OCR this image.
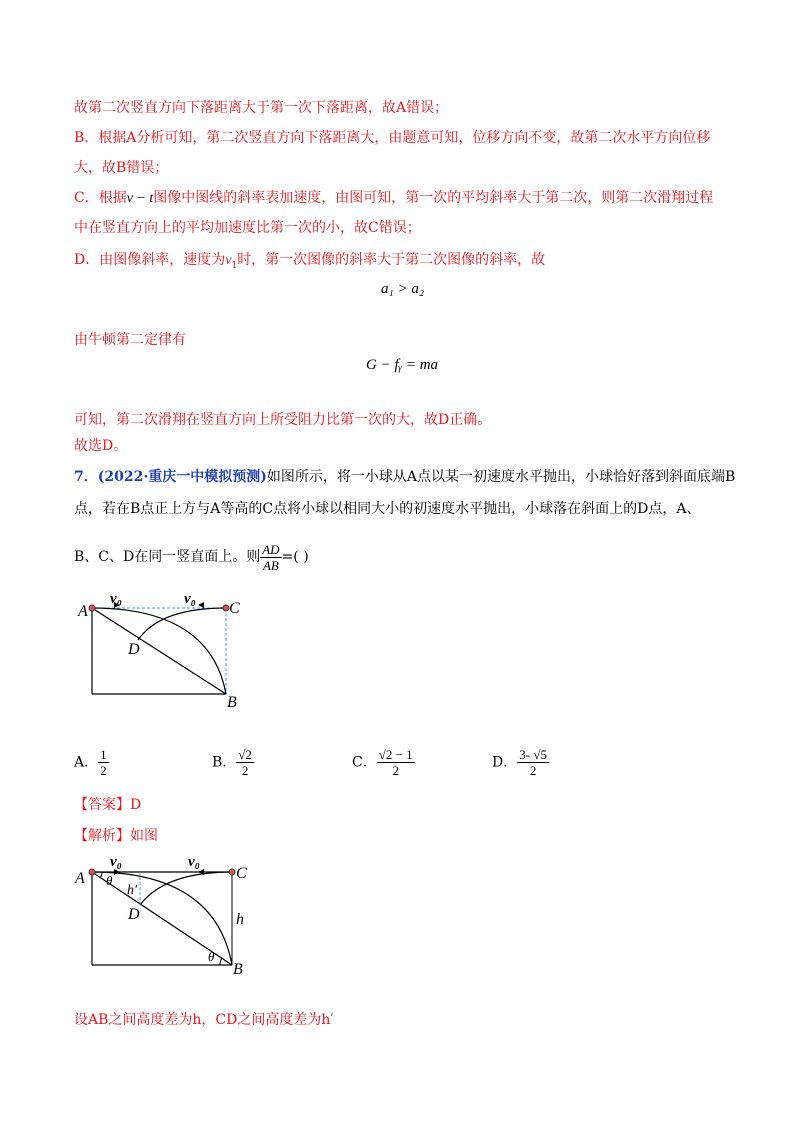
故第二次竖直方向下落距离大于第一次下落距离，故A错误；
B．根据A分析可知，第二次竖直方向下落距离大，由题意可知，位移方向不变，故第二次水平方向位移
大，故B错误；
C．根据v − t图像中图线的斜率表加速度，由图可知，第一次的平均斜率大于第二次，则第二次滑翔过程
中在竖直方向上的平均加速度比第一次的小，故C错误；
D．由图像斜率，速度为$v_1$时，第一次图像的斜率大于第二次图像的斜率，故
a₁ > a₂
由牛顿第二定律有
G − fᵧ = ma
可知，第二次滑翔在竖直方向上所受阻力比第一次的大，故D正确。
故选D。
7．(2022·重庆一中模拟预测)如图所示，将一小球从A点以某一初速度水平抛出，小球恰好落到斜面底端B
点，若在B点正上方与A等高的C点将小球以相同大小的初速度水平抛出，小球落在斜面上的D点，A、
B、C、D在同一竖直面上。则 $\frac{AD}{AB}$ =( )
A	C
D
B
v₀	v₀
A． $\frac{1}{2}$	B． $\frac{√2}{2}$	C． $\frac{√2 - 1}{2}$	D． $\frac{3- √5}{2}$
【答案】D
【解析】如图
A	C
D
B
v₀	v₀
θ
θ
h
h′
设AB之间高度差为h，CD之间高度差为h′
